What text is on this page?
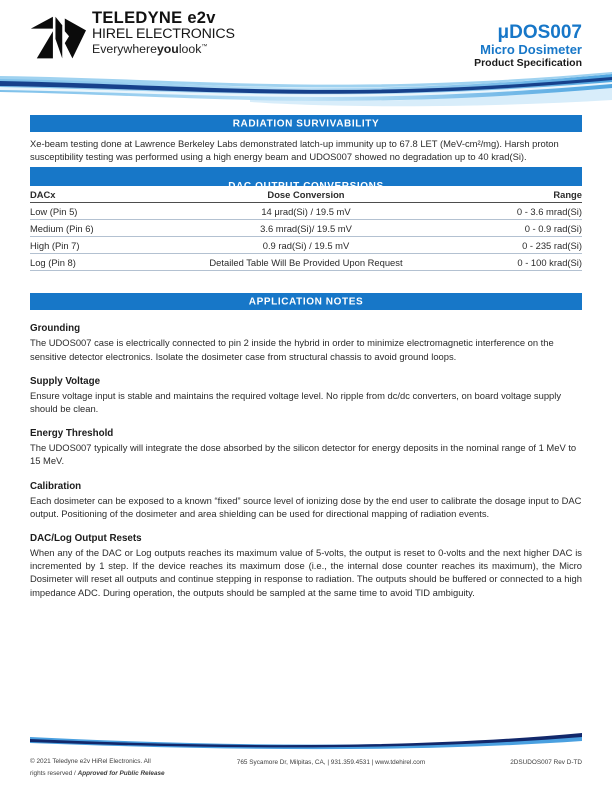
TELEDYNE e2v
HIREL ELECTRONICS
Everywhereyoulook™
μDOS007
Micro Dosimeter
Product Specification
RADIATION SURVIVABILITY
Xe-beam testing done at Lawrence Berkeley Labs demonstrated latch-up immunity up to 67.8 LET (MeV-cm²/mg). Harsh proton susceptibility testing was performed using a high energy beam and UDOS007 showed no degradation up to 40 krad(Si).
DAC OUTPUT CONVERSIONS
DACx	Dose Conversion	Range
Low (Pin 5)	14 μrad(Si) / 19.5 mV	0 - 3.6 mrad(Si)
Medium (Pin 6)	3.6 mrad(Si)/ 19.5 mV	0 - 0.9 rad(Si)
High (Pin 7)	0.9 rad(Si) / 19.5 mV	0 - 235 rad(Si)
Log (Pin 8)	Detailed Table Will Be Provided Upon Request	0 - 100 krad(Si)
APPLICATION NOTES
Grounding
The UDOS007 case is electrically connected to pin 2 inside the hybrid in order to minimize electromagnetic interference on the sensitive detector electronics. Isolate the dosimeter case from structural chassis to avoid ground loops.
Supply Voltage
Ensure voltage input is stable and maintains the required voltage level. No ripple from dc/dc converters, on board voltage supply should be clean.
Energy Threshold
The UDOS007 typically will integrate the dose absorbed by the silicon detector for energy deposits in the nominal range of 1 MeV to 15 MeV.
Calibration
Each dosimeter can be exposed to a known “fixed” source level of ionizing dose by the end user to calibrate the dosage input to DAC output. Positioning of the dosimeter and area shielding can be used for directional mapping of radiation events.
DAC/Log Output Resets
When any of the DAC or Log outputs reaches its maximum value of 5-volts, the output is reset to 0-volts and the next higher DAC is incremented by 1 step. If the device reaches its maximum dose (i.e., the internal dose counter reaches its maximum), the Micro Dosimeter will reset all outputs and continue stepping in response to radiation. The outputs should be buffered or connected to a high impedance ADC. During operation, the outputs should be sampled at the same time to avoid TID ambiguity.
© 2021 Teledyne e2v HiRel Electronics. All
rights reserved / Approved for Public Release
765 Sycamore Dr, Milpitas, CA, | 931.359.4531 | www.tdehirel.com	2DSUDOS007 Rev D-TD
